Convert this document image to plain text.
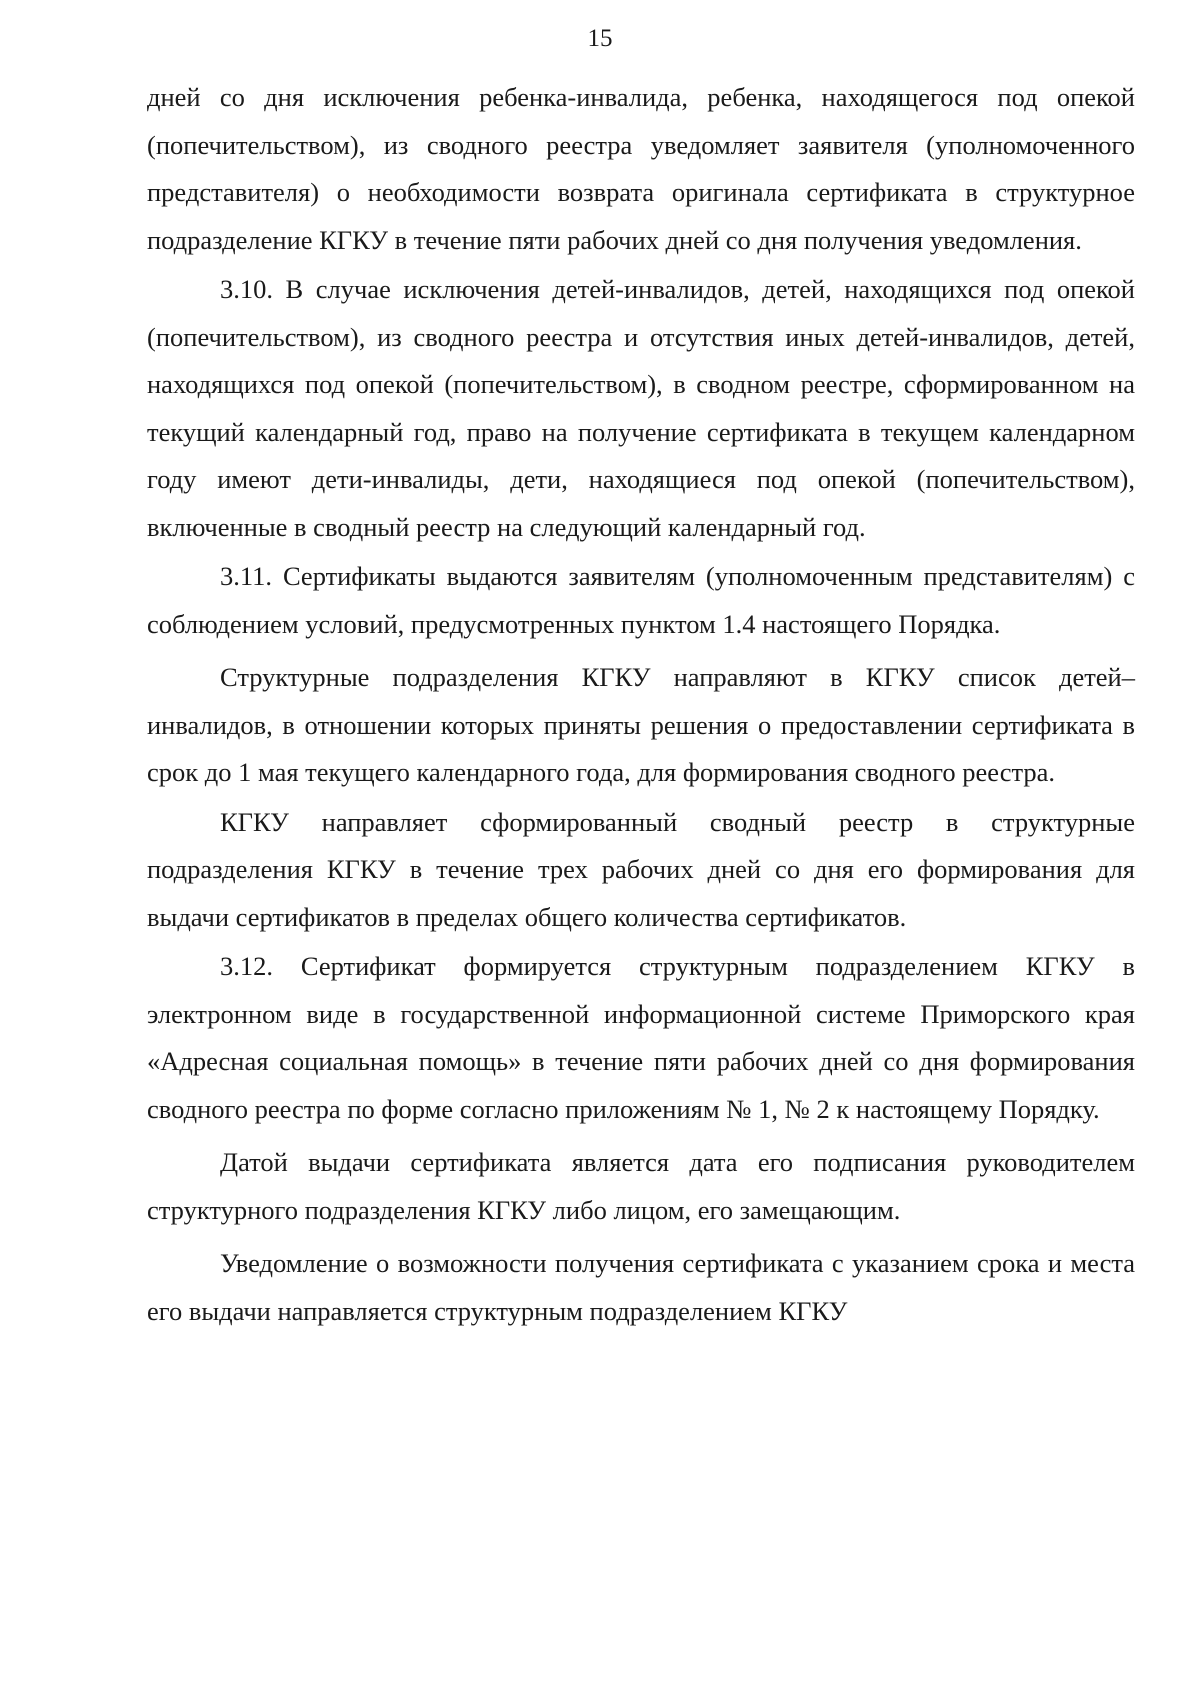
15

дней со дня исключения ребенка-инвалида, ребенка, находящегося под опекой (попечительством), из сводного реестра уведомляет заявителя (уполномоченного представителя) о необходимости возврата оригинала сертификата в структурное подразделение КГКУ в течение пяти рабочих дней со дня получения уведомления.

3.10. В случае исключения детей-инвалидов, детей, находящихся под опекой (попечительством), из сводного реестра и отсутствия иных детей-инвалидов, детей, находящихся под опекой (попечительством), в сводном реестре, сформированном на текущий календарный год, право на получение сертификата в текущем календарном году имеют дети-инвалиды, дети, находящиеся под опекой (попечительством), включенные в сводный реестр на следующий календарный год.

3.11. Сертификаты выдаются заявителям (уполномоченным представителям) с соблюдением условий, предусмотренных пунктом 1.4 настоящего Порядка.

Структурные подразделения КГКУ направляют в КГКУ список детей–инвалидов, в отношении которых приняты решения о предоставлении сертификата в срок до 1 мая текущего календарного года, для формирования сводного реестра.

КГКУ направляет сформированный сводный реестр в структурные подразделения КГКУ в течение трех рабочих дней со дня его формирования для выдачи сертификатов в пределах общего количества сертификатов.

3.12. Сертификат формируется структурным подразделением КГКУ в электронном виде в государственной информационной системе Приморского края «Адресная социальная помощь» в течение пяти рабочих дней со дня формирования сводного реестра по форме согласно приложениям № 1, № 2 к настоящему Порядку.

Датой выдачи сертификата является дата его подписания руководителем структурного подразделения КГКУ либо лицом, его замещающим.

Уведомление о возможности получения сертификата с указанием срока и места его выдачи направляется структурным подразделением КГКУ
